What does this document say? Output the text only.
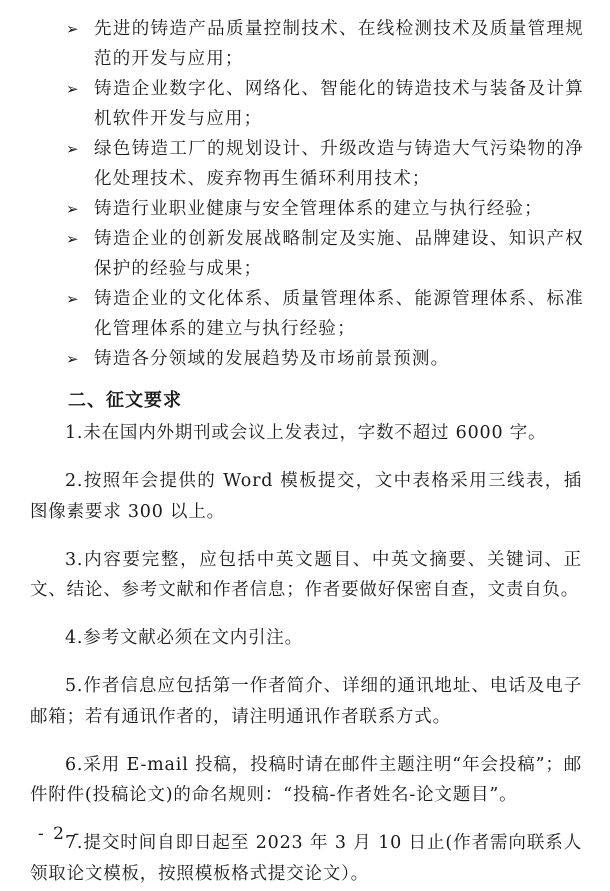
➢ 先进的铸造产品质量控制技术、在线检测技术及质量管理规范的开发与应用；
➢ 铸造企业数字化、网络化、智能化的铸造技术与装备及计算机软件开发与应用；
➢ 绿色铸造工厂的规划设计、升级改造与铸造大气污染物的净化处理技术、废弃物再生循环利用技术；
➢ 铸造行业职业健康与安全管理体系的建立与执行经验；
➢ 铸造企业的创新发展战略制定及实施、品牌建设、知识产权保护的经验与成果；
➢ 铸造企业的文化体系、质量管理体系、能源管理体系、标准化管理体系的建立与执行经验；
➢ 铸造各分领域的发展趋势及市场前景预测。
二、征文要求

1.未在国内外期刊或会议上发表过，字数不超过 6000 字。

2.按照年会提供的 Word 模板提交，文中表格采用三线表，插图像素要求 300 以上。

3.内容要完整，应包括中英文题目、中英文摘要、关键词、正文、结论、参考文献和作者信息；作者要做好保密自查，文责自负。

4.参考文献必须在文内引注。

5.作者信息应包括第一作者简介、详细的通讯地址、电话及电子邮箱；若有通讯作者的，请注明通讯作者联系方式。

6.采用 E-mail 投稿，投稿时请在邮件主题注明“年会投稿”；邮件附件(投稿论文)的命名规则：“投稿-作者姓名-论文题目”。

7.提交时间自即日起至 2023 年 3 月 10 日止(作者需向联系人领取论文模板，按照模板格式提交论文）。

- 2 -
